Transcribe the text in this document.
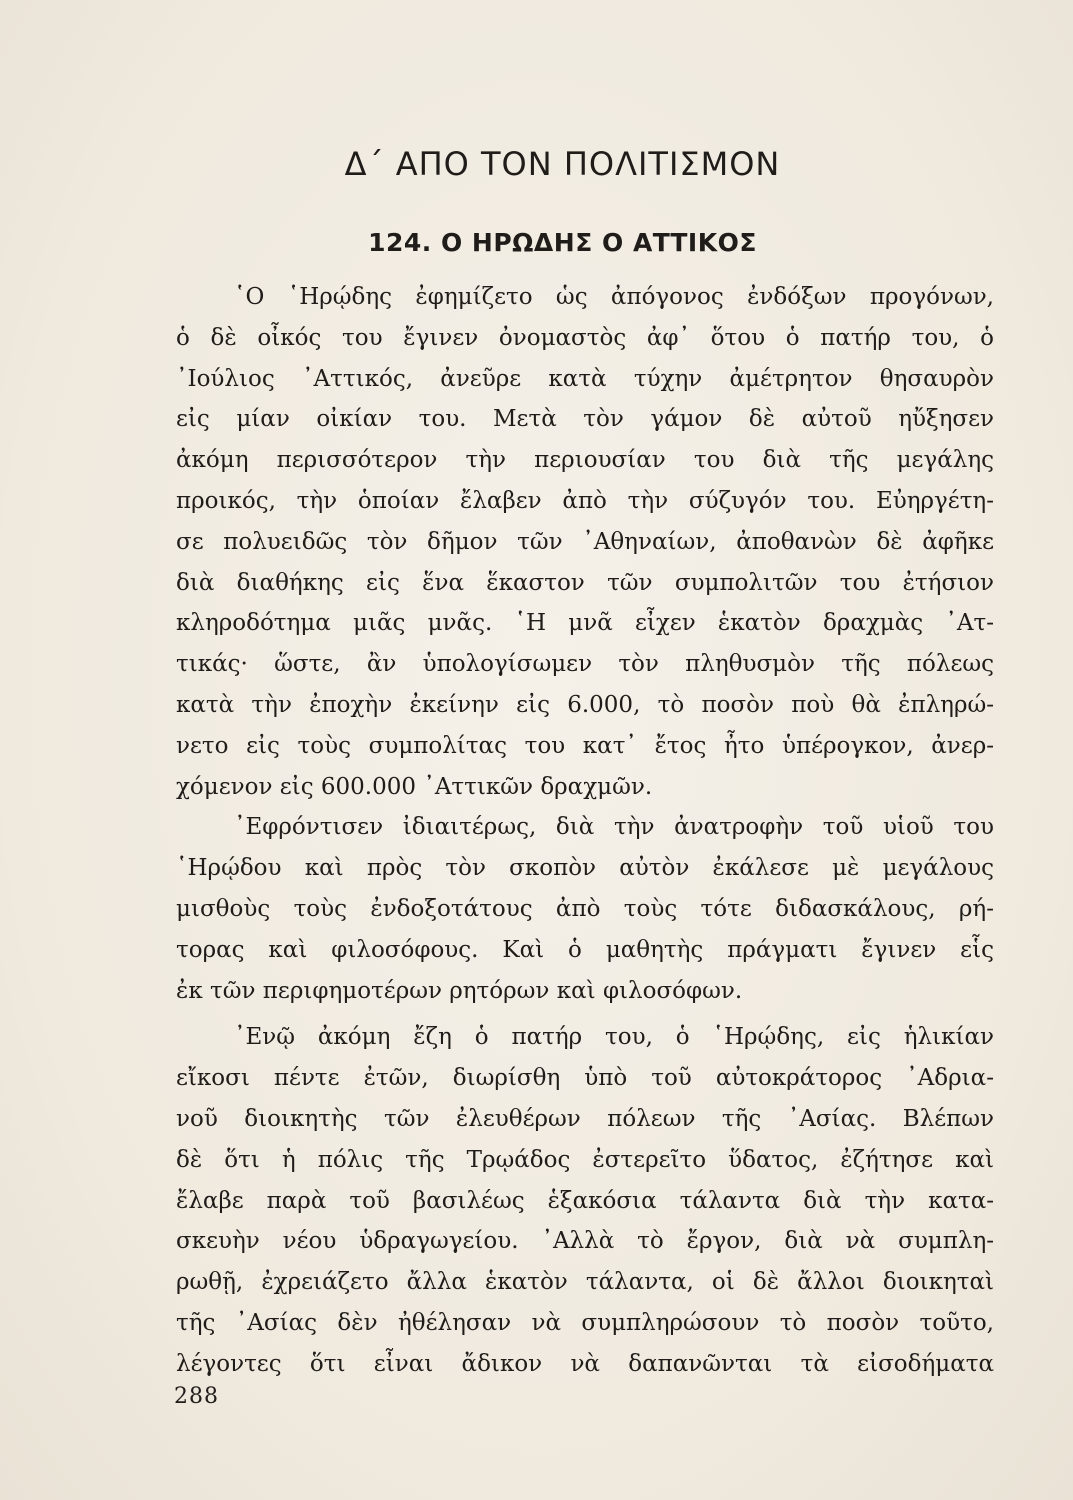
Δ΄ ΑΠΟ ΤΟΝ ΠΟΛΙΤΙΣΜΟΝ
124. Ο ΗΡΩΔΗΣ Ο ΑΤΤΙΚΟΣ
῾Ο ῾Ηρῴδης ἐφημίζετο ὡς ἀπόγονος ἐνδόξων προγόνων,
ὁ δὲ οἶκός του ἔγινεν ὀνομαστὸς ἀφ᾽ ὅτου ὁ πατήρ του, ὁ
᾽Ιούλιος ᾽Αττικός, ἀνεῦρε κατὰ τύχην ἀμέτρητον θησαυρὸν
εἰς μίαν οἰκίαν του. Μετὰ τὸν γάμον δὲ αὐτοῦ ηὔξησεν
ἀκόμη περισσότερον τὴν περιουσίαν του διὰ τῆς μεγάλης
προικός, τὴν ὁποίαν ἔλαβεν ἀπὸ τὴν σύζυγόν του. Εὐηργέτη-
σε πολυειδῶς τὸν δῆμον τῶν ᾽Αθηναίων, ἀποθανὼν δὲ ἀφῆκε
διὰ διαθήκης εἰς ἕνα ἕκαστον τῶν συμπολιτῶν του ἐτήσιον
κληροδότημα μιᾶς μνᾶς. ῾Η μνᾶ εἶχεν ἑκατὸν δραχμὰς ᾽Ατ-
τικάς· ὥστε, ἂν ὑπολογίσωμεν τὸν πληθυσμὸν τῆς πόλεως
κατὰ τὴν ἐποχὴν ἐκείνην εἰς 6.000, τὸ ποσὸν ποὺ θὰ ἐπληρώ-
νετο εἰς τοὺς συμπολίτας του κατ᾽ ἔτος ἦτο ὑπέρογκον, ἀνερ-
χόμενον εἰς 600.000 ᾽Αττικῶν δραχμῶν.
᾽Εφρόντισεν ἰδιαιτέρως, διὰ τὴν ἀνατροφὴν τοῦ υἱοῦ του
῾Ηρῴδου καὶ πρὸς τὸν σκοπὸν αὐτὸν ἐκάλεσε μὲ μεγάλους
μισθοὺς τοὺς ἐνδοξοτάτους ἀπὸ τοὺς τότε διδασκάλους, ρή-
τορας καὶ φιλοσόφους. Καὶ ὁ μαθητὴς πράγματι ἔγινεν εἷς
ἐκ τῶν περιφημοτέρων ρητόρων καὶ φιλοσόφων.
᾽Ενῷ ἀκόμη ἔζη ὁ πατήρ του, ὁ ῾Ηρῴδης, εἰς ἡλικίαν
εἴκοσι πέντε ἐτῶν, διωρίσθη ὑπὸ τοῦ αὐτοκράτορος ᾽Αδρια-
νοῦ διοικητὴς τῶν ἐλευθέρων πόλεων τῆς ᾽Ασίας. Βλέπων
δὲ ὅτι ἡ πόλις τῆς Τρῳάδος ἐστερεῖτο ὕδατος, ἐζήτησε καὶ
ἔλαβε παρὰ τοῦ βασιλέως ἑξακόσια τάλαντα διὰ τὴν κατα-
σκευὴν νέου ὑδραγωγείου. ᾽Αλλὰ τὸ ἔργον, διὰ νὰ συμπλη-
ρωθῇ, ἐχρειάζετο ἄλλα ἑκατὸν τάλαντα, οἱ δὲ ἄλλοι διοικηταὶ
τῆς ᾽Ασίας δὲν ἠθέλησαν νὰ συμπληρώσουν τὸ ποσὸν τοῦτο,
λέγοντες ὅτι εἶναι ἄδικον νὰ δαπανῶνται τὰ εἰσοδήματα
288
